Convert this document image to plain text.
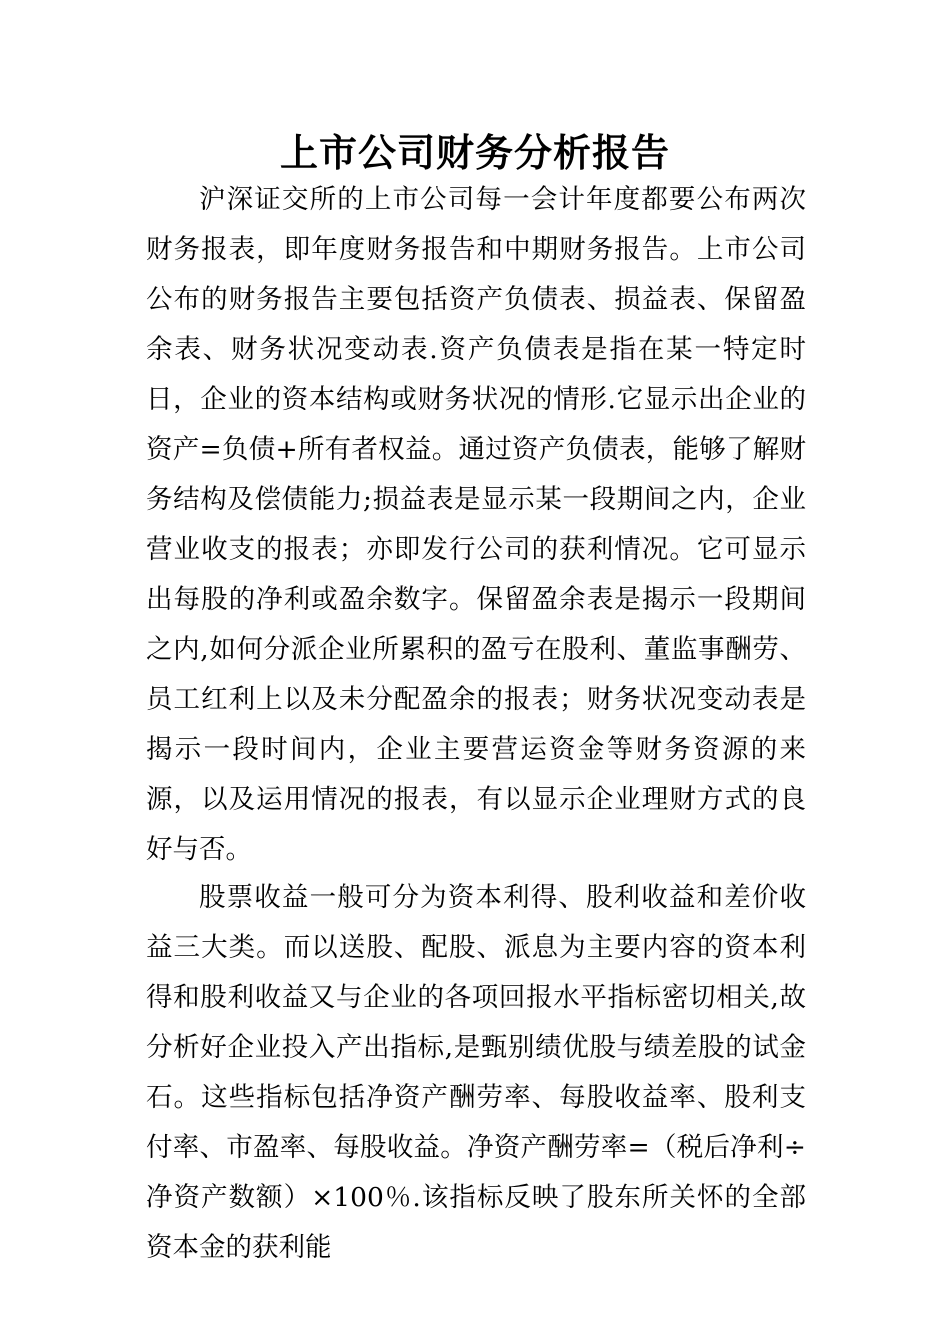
上市公司财务分析报告

沪深证交所的上市公司每一会计年度都要公布两次财务报表，即年度财务报告和中期财务报告。上市公司公布的财务报告主要包括资产负债表、损益表、保留盈余表、财务状况变动表.资产负债表是指在某一特定时日，企业的资本结构或财务状况的情形.它显示出企业的资产=负债+所有者权益。通过资产负债表，能够了解财务结构及偿债能力;损益表是显示某一段期间之内，企业营业收支的报表；亦即发行公司的获利情况。它可显示出每股的净利或盈余数字。保留盈余表是揭示一段期间之内,如何分派企业所累积的盈亏在股利、董监事酬劳、员工红利上以及未分配盈余的报表；财务状况变动表是揭示一段时间内，企业主要营运资金等财务资源的来源，以及运用情况的报表，有以显示企业理财方式的良好与否。

股票收益一般可分为资本利得、股利收益和差价收益三大类。而以送股、配股、派息为主要内容的资本利得和股利收益又与企业的各项回报水平指标密切相关,故分析好企业投入产出指标,是甄别绩优股与绩差股的试金石。这些指标包括净资产酬劳率、每股收益率、股利支付率、市盈率、每股收益。净资产酬劳率=（税后净利÷净资产数额）×100％.该指标反映了股东所关怀的全部资本金的获利能
